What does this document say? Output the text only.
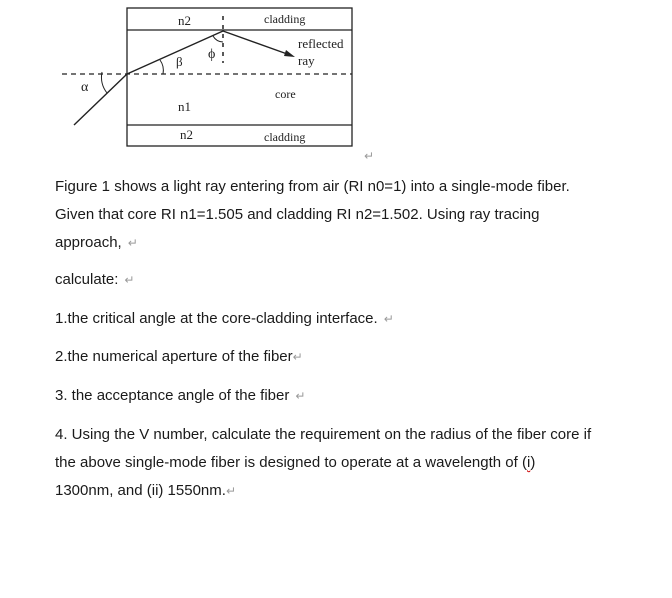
n2	cladding
reflected
ray
ϕ
β
α	core
n1
n2	cladding
↵
Figure 1 shows a light ray entering from air (RI n0=1) into a single-mode fiber.
Given that core RI n1=1.505 and cladding RI n2=1.502. Using ray tracing
approach, ↵
calculate: ↵
1.the critical angle at the core-cladding interface. ↵
2.the numerical aperture of the fiber↵
3. the acceptance angle of the fiber ↵
4. Using the V number, calculate the requirement on the radius of the fiber core if
the above single-mode fiber is designed to operate at a wavelength of (i)
1300nm, and (ii) 1550nm.↵
